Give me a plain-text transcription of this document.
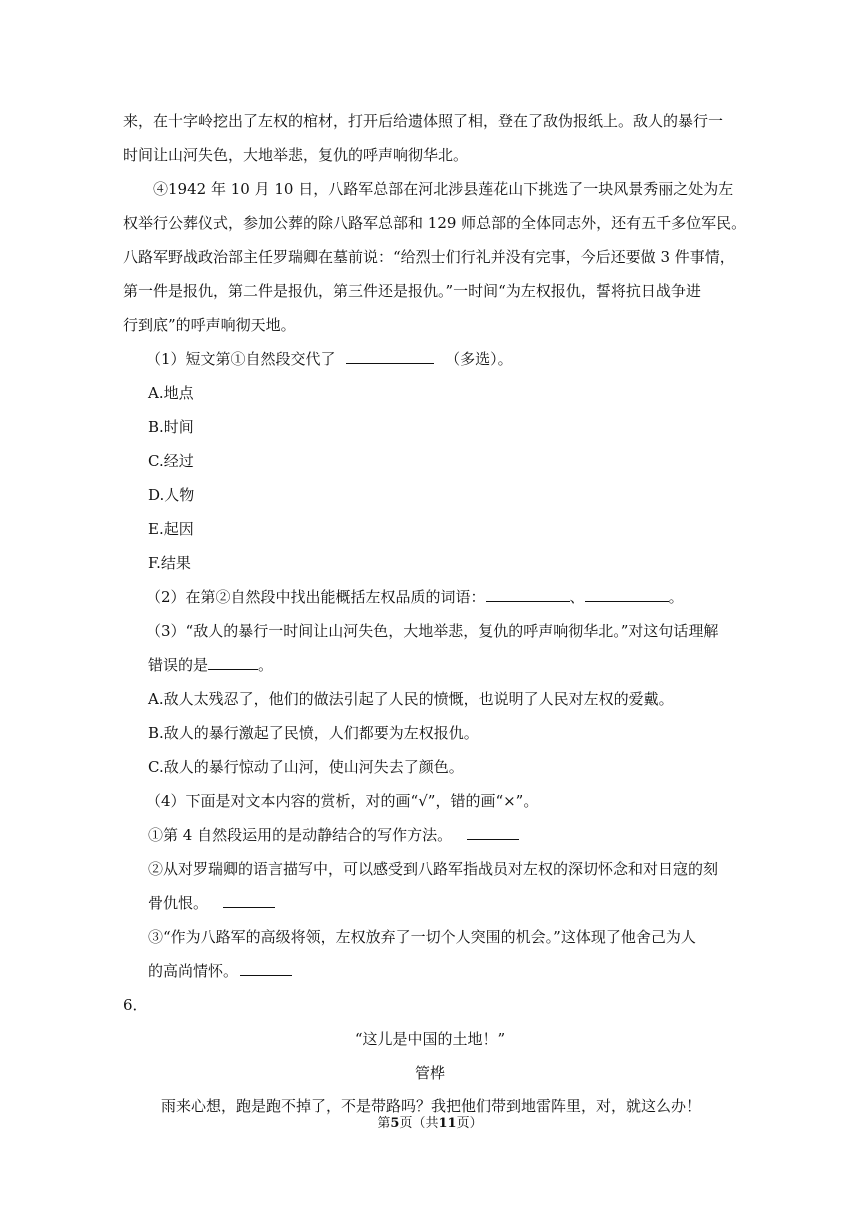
来，在十字岭挖出了左权的棺材，打开后给遗体照了相，登在了敌伪报纸上。敌人的暴行一
时间让山河失色，大地举悲，复仇的呼声响彻华北。
④1942 年 10 月 10 日，八路军总部在河北涉县莲花山下挑选了一块风景秀丽之处为左
权举行公葬仪式，参加公葬的除八路军总部和 129 师总部的全体同志外，还有五千多位军民。
八路军野战政治部主任罗瑞卿在墓前说：“给烈士们行礼并没有完事，今后还要做 3 件事情，
第一件是报仇，第二件是报仇，第三件还是报仇。”一时间“为左权报仇，誓将抗日战争进
行到底”的呼声响彻天地。
（1）短文第①自然段交代了	（多选）。
A.地点
B.时间
C.经过
D.人物
E.起因
F.结果
（2）在第②自然段中找出能概括左权品质的词语：	、	。
（3）“敌人的暴行一时间让山河失色，大地举悲，复仇的呼声响彻华北。”对这句话理解
错误的是	。
A.敌人太残忍了，他们的做法引起了人民的愤慨，也说明了人民对左权的爱戴。
B.敌人的暴行激起了民愤，人们都要为左权报仇。
C.敌人的暴行惊动了山河，使山河失去了颜色。
（4）下面是对文本内容的赏析，对的画“√”，错的画“×”。
①第 4 自然段运用的是动静结合的写作方法。
②从对罗瑞卿的语言描写中，可以感受到八路军指战员对左权的深切怀念和对日寇的刻
骨仇恨。
③“作为八路军的高级将领，左权放弃了一切个人突围的机会。”这体现了他舍己为人
的高尚情怀。
6．
“这儿是中国的土地！”
管桦
雨来心想，跑是跑不掉了，不是带路吗？我把他们带到地雷阵里，对，就这么办！
第5页（共11页）
